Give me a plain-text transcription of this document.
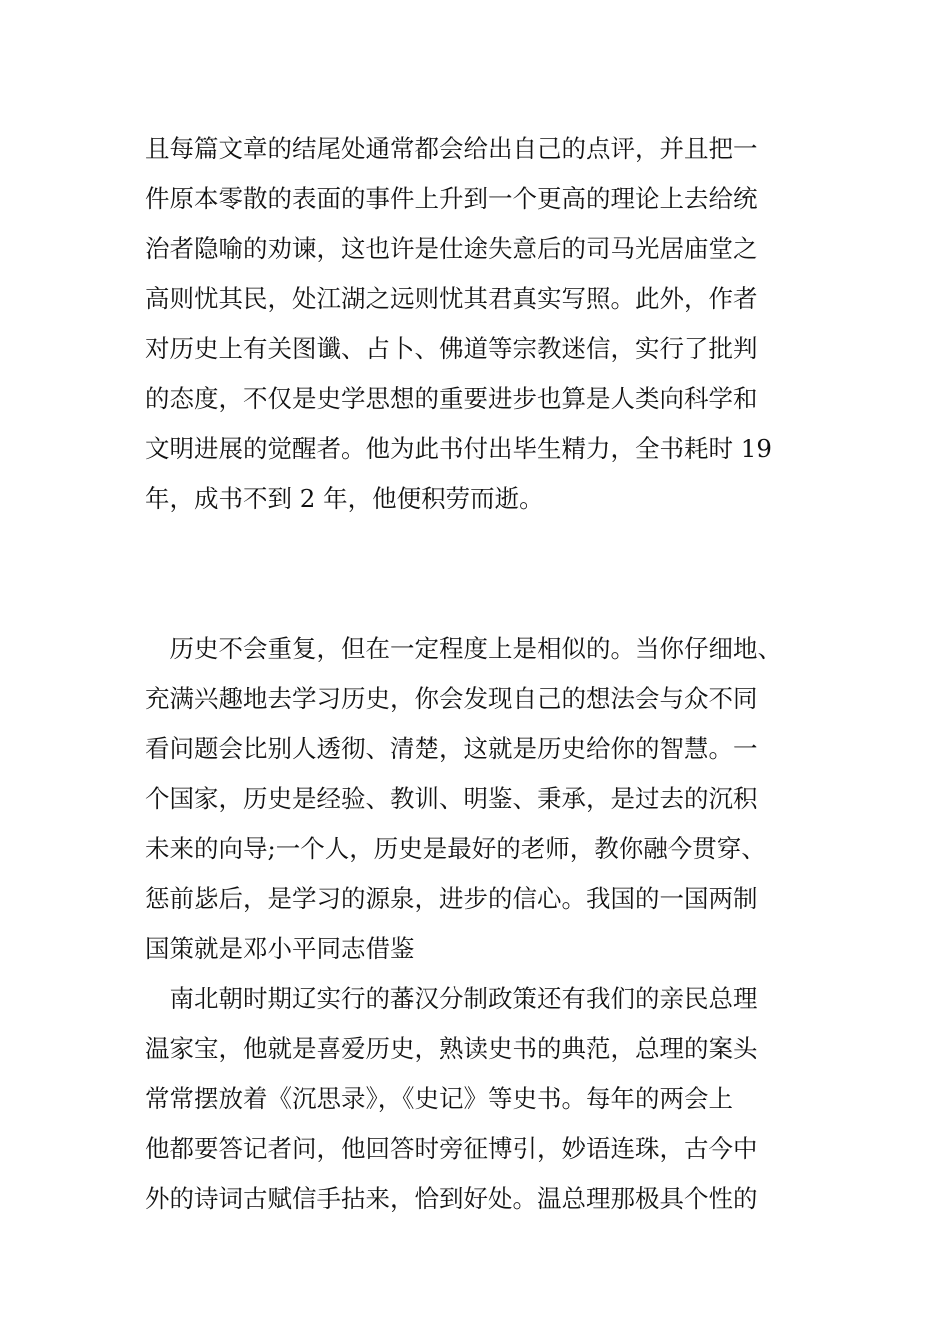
且每篇文章的结尾处通常都会给出自己的点评，并且把一
件原本零散的表面的事件上升到一个更高的理论上去给统
治者隐喻的劝谏，这也许是仕途失意后的司马光居庙堂之
高则忧其民，处江湖之远则忧其君真实写照。此外，作者
对历史上有关图谶、占卜、佛道等宗教迷信，实行了批判
的态度，不仅是史学思想的重要进步也算是人类向科学和
文明进展的觉醒者。他为此书付出毕生精力，全书耗时 19
年，成书不到 2 年，他便积劳而逝。

　历史不会重复，但在一定程度上是相似的。当你仔细地、
充满兴趣地去学习历史，你会发现自己的想法会与众不同
看问题会比别人透彻、清楚，这就是历史给你的智慧。一
个国家，历史是经验、教训、明鉴、秉承，是过去的沉积
未来的向导;一个人，历史是最好的老师，教你融今贯穿、
惩前毖后，是学习的源泉，进步的信心。我国的一国两制
国策就是邓小平同志借鉴

　南北朝时期辽实行的蕃汉分制政策还有我们的亲民总理
温家宝，他就是喜爱历史，熟读史书的典范，总理的案头
常常摆放着《沉思录》，《史记》等史书。每年的两会上
他都要答记者问，他回答时旁征博引，妙语连珠，古今中
外的诗词古赋信手拈来，恰到好处。温总理那极具个性的
